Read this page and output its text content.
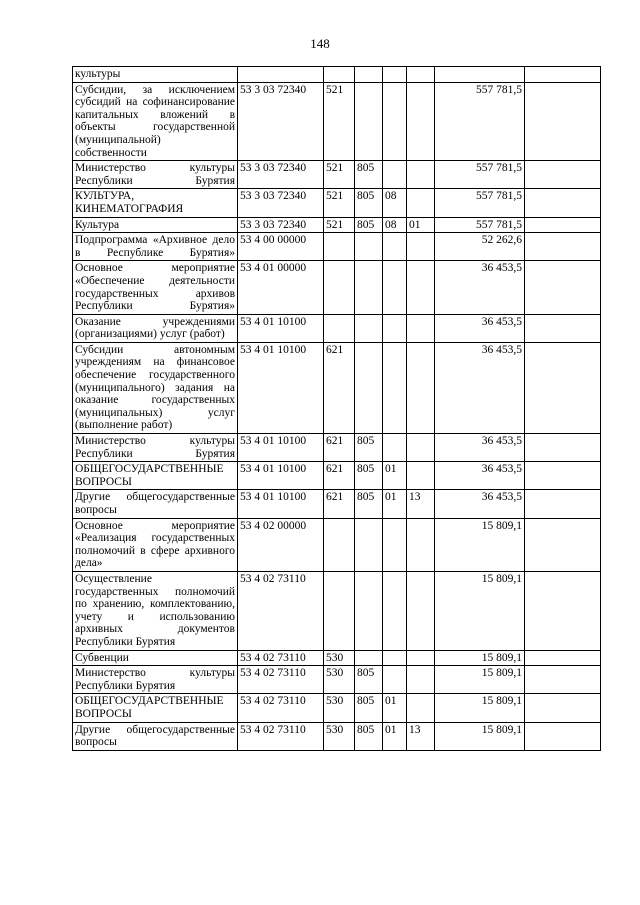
148
культуры							
Субсидии, за исключением субсидий на софинансирование капитальных вложений в объекты государственной (муниципальной) собственности	53 3 03 72340	521				557 781,5	
Министерство культуры Республики Бурятия	53 3 03 72340	521	805			557 781,5	
КУЛЬТУРА, КИНЕМАТОГРАФИЯ	53 3 03 72340	521	805	08		557 781,5	
Культура	53 3 03 72340	521	805	08	01	557 781,5	
Подпрограмма «Архивное дело в Республике Бурятия»	53 4 00 00000					52 262,6	
Основное мероприятие «Обеспечение деятельности государственных архивов Республики Бурятия»	53 4 01 00000					36 453,5	
Оказание учреждениями (организациями) услуг (работ)	53 4 01 10100					36 453,5	
Субсидии автономным учреждениям на финансовое обеспечение государственного (муниципального) задания на оказание государственных (муниципальных) услуг (выполнение работ)	53 4 01 10100	621				36 453,5	
Министерство культуры Республики Бурятия	53 4 01 10100	621	805			36 453,5	
ОБЩЕГОСУДАРСТВЕННЫЕ ВОПРОСЫ	53 4 01 10100	621	805	01		36 453,5	
Другие общегосударственные вопросы	53 4 01 10100	621	805	01	13	36 453,5	
Основное мероприятие «Реализация государственных полномочий в сфере архивного дела»	53 4 02 00000					15 809,1	
Осуществление государственных полномочий по хранению, комплектованию, учету и использованию архивных документов Республики Бурятия	53 4 02 73110					15 809,1	
Субвенции	53 4 02 73110	530				15 809,1	
Министерство культуры Республики Бурятия	53 4 02 73110	530	805			15 809,1	
ОБЩЕГОСУДАРСТВЕННЫЕ ВОПРОСЫ	53 4 02 73110	530	805	01		15 809,1	
Другие общегосударственные вопросы	53 4 02 73110	530	805	01	13	15 809,1	
